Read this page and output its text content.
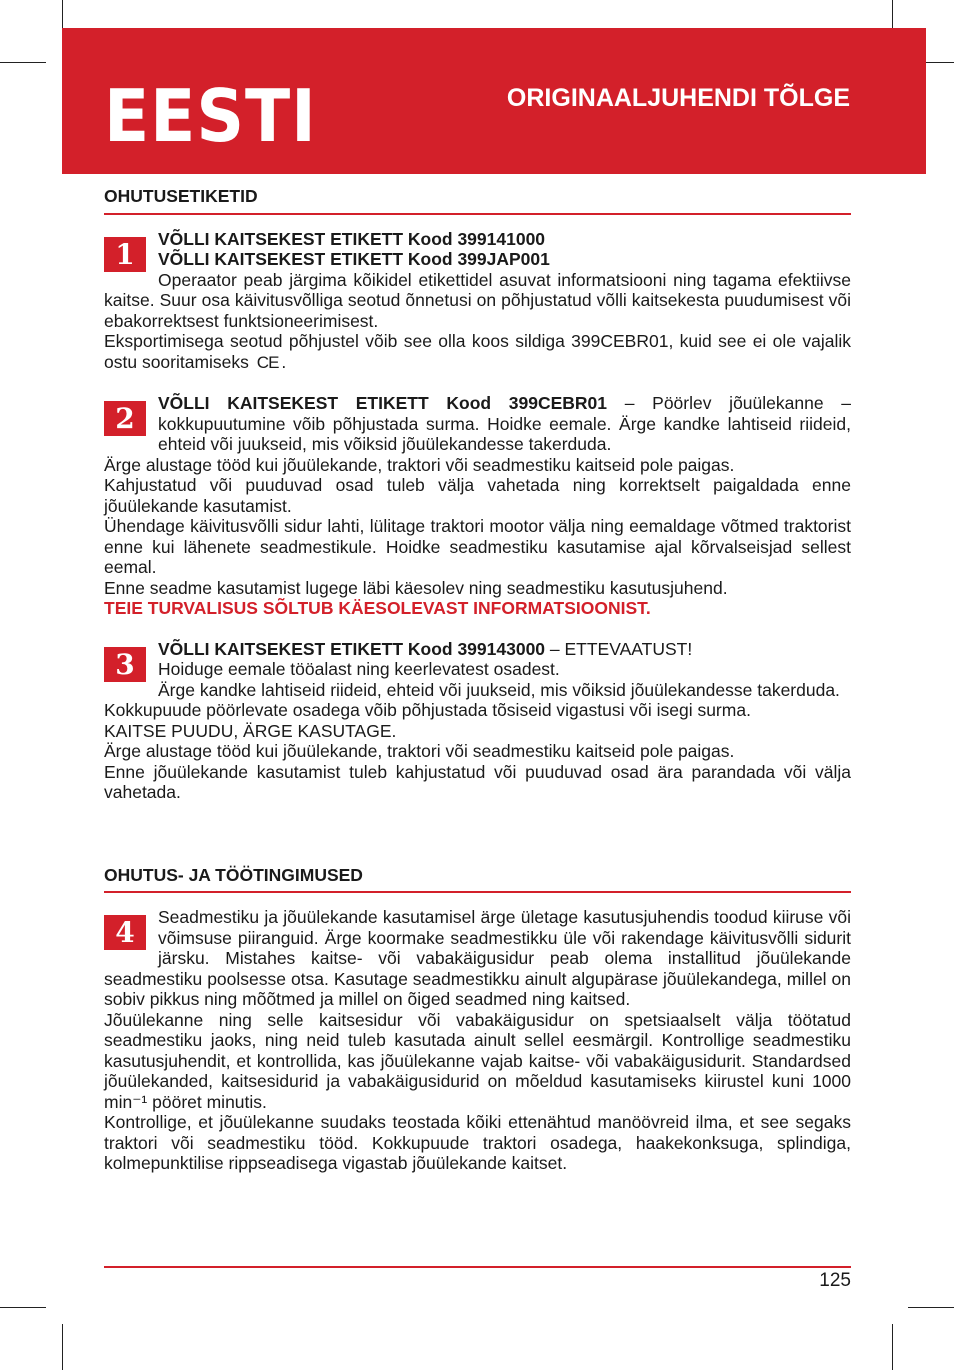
EESTI	ORIGINAALJUHENDI TÕLGE
OHUTUSETIKETID
1	VÕLLI KAITSEKEST ETIKETT Kood 399141000
VÕLLI KAITSEKEST ETIKETT Kood 399JAP001

Operaator peab järgima kõikidel etikettidel asuvat informatsiooni ning tagama efektiivse kaitse. Suur osa käivitusvõlliga seotud õnnetusi on põhjustatud võlli kaitsekesta puudumisest või ebakorrektsest funktsioneerimisest.

Eksportimisega seotud põhjustel võib see olla koos sildiga 399CEBR01, kuid see ei ole vajalik ostu sooritamiseks CE .

2	VÕLLI KAITSEKEST ETIKETT Kood 399CEBR01 – Pöörlev jõuülekanne – kokkupuutumine võib põhjustada surma. Hoidke eemale. Ärge kandke lahtiseid riideid, ehteid või juukseid, mis võiksid jõuülekandesse takerduda.

Ärge alustage tööd kui jõuülekande, traktori või seadmestiku kaitseid pole paigas.

Kahjustatud või puuduvad osad tuleb välja vahetada ning korrektselt paigaldada enne jõuülekande kasutamist.

Ühendage käivitusvõlli sidur lahti, lülitage traktori mootor välja ning eemaldage võtmed traktorist enne kui lähenete seadmestikule. Hoidke seadmestiku kasutamise ajal kõrvalseisjad sellest eemal.

Enne seadme kasutamist lugege läbi käesolev ning seadmestiku kasutusjuhend.

TEIE TURVALISUS SÕLTUB KÄESOLEVAST INFORMATSIOONIST.

3	VÕLLI KAITSEKEST ETIKETT Kood 399143000 – ETTEVAATUST!
Hoiduge eemale tööalast ning keerlevatest osadest.

Ärge kandke lahtiseid riideid, ehteid või juukseid, mis võiksid jõuülekandesse takerduda.

Kokkupuude pöörlevate osadega võib põhjustada tõsiseid vigastusi või isegi surma.

KAITSE PUUDU, ÄRGE KASUTAGE.

Ärge alustage tööd kui jõuülekande, traktori või seadmestiku kaitseid pole paigas.

Enne jõuülekande kasutamist tuleb kahjustatud või puuduvad osad ära parandada või välja vahetada.

OHUTUS- JA TÖÖTINGIMUSED
4	Seadmestiku ja jõuülekande kasutamisel ärge ületage kasutusjuhendis toodud kiiruse või võimsuse piiranguid. Ärge koormake seadmestikku üle või rakendage käivitusvõlli sidurit järsku. Mistahes kaitse- või vabakäigusidur peab olema installitud jõuülekande seadmestiku poolsesse otsa. Kasutage seadmestikku ainult algupärase jõuülekandega, millel on sobiv pikkus ning mõõtmed ja millel on õiged seadmed ning kaitsed.

Jõuülekanne ning selle kaitsesidur või vabakäigusidur on spetsiaalselt välja töötatud seadmestiku jaoks, ning neid tuleb kasutada ainult sellel eesmärgil. Kontrollige seadmestiku kasutusjuhendit, et kontrollida, kas jõuülekanne vajab kaitse- või vabakäigusidurit. Standardsed jõuülekanded, kaitsesidurid ja vabakäigusidurid on mõeldud kasutamiseks kiirustel kuni 1000 min⁻¹ pööret minutis.

Kontrollige, et jõuülekanne suudaks teostada kõiki ettenähtud manöövreid ilma, et see segaks traktori või seadmestiku tööd. Kokkupuude traktori osadega, haakekonksuga, splindiga, kolmepunktilise rippseadisega vigastab jõuülekande kaitset.

125
